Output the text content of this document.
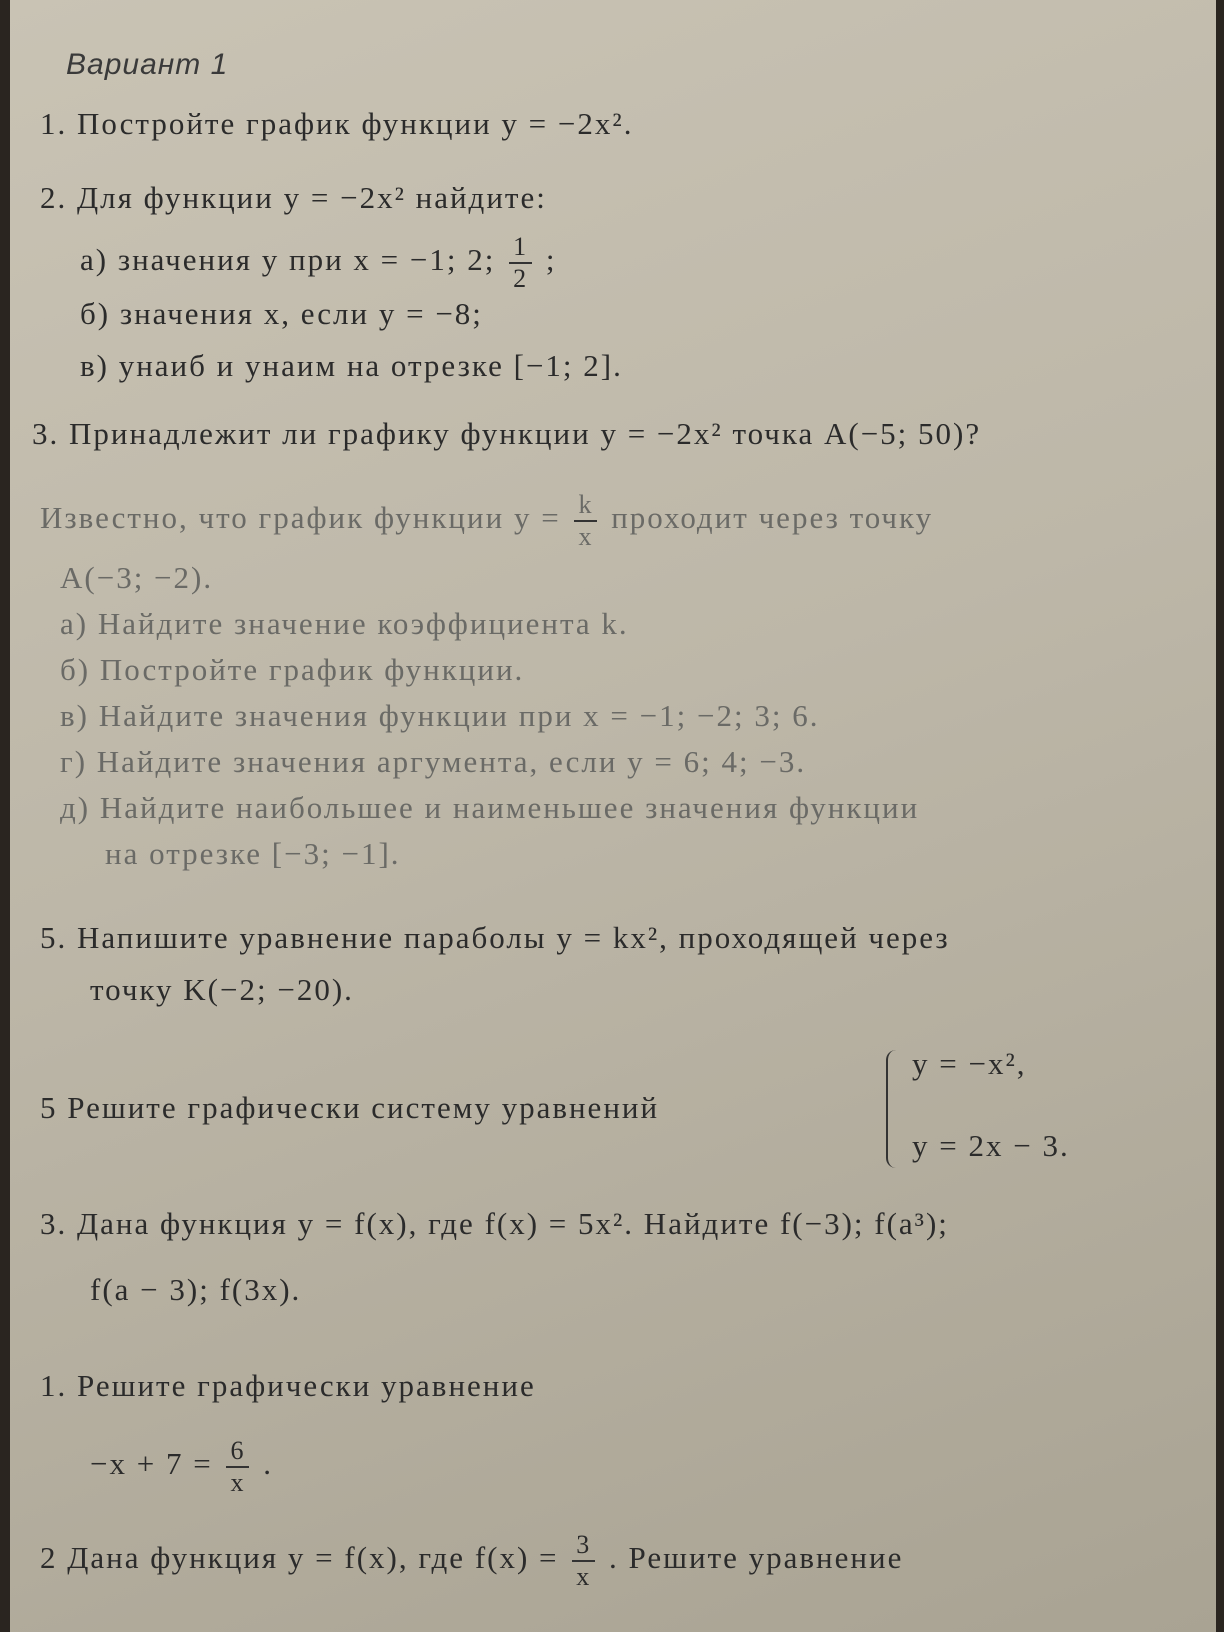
Вариант 1
1. Постройте график функции y = −2x².
2. Для функции y = −2x² найдите:
а) значения y при x = −1; 2; $\frac{1}{2}$ ;
б) значения x, если y = −8;
в) yнаиб и yнаим на отрезке [−1; 2].
3. Принадлежит ли графику функции y = −2x² точка A(−5; 50)?
Известно, что график функции $y = \frac{k}{x}$ проходит через точку
A(−3; −2).
а) Найдите значение коэффициента k.
б) Постройте график функции.
в) Найдите значения функции при x = −1; −2; 3; 6.
г) Найдите значения аргумента, если y = 6; 4; −3.
д) Найдите наибольшее и наименьшее значения функции
на отрезке [−3; −1].
5. Напишите уравнение параболы y = kx², проходящей через
точку K(−2; −20).
5 Решите графически систему уравнений
y = −x²,
y = 2x − 3.
3. Дана функция y = f(x), где f(x) = 5x². Найдите f(−3); f(a³);
f(a − 3); f(3x).
1. Решите графически уравнение
$-x + 7 = \frac{6}{x}$ .
2 Дана функция y = f(x), где $f(x) = \frac{3}{x}$ . Решите уравнение
